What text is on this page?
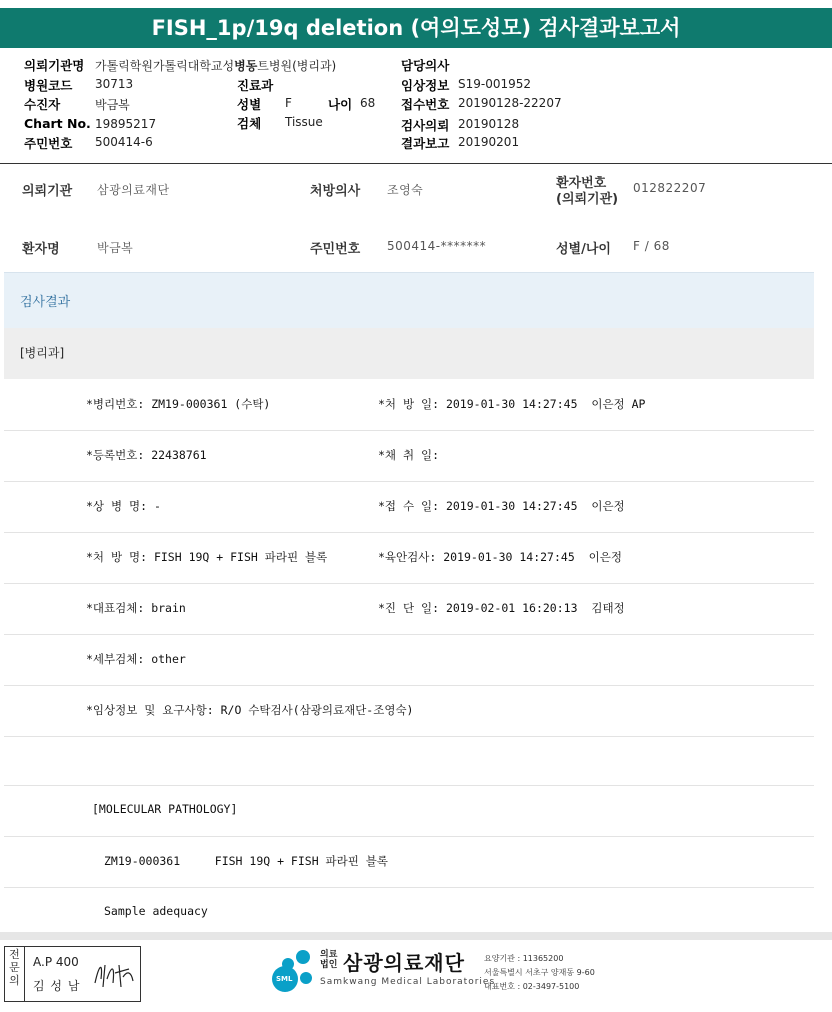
FISH_1p/19q deletion (여의도성모) 검사결과보고서
의뢰기관명 가톨릭학원가톨릭대학교성병동트병원(병리과)	담당의사
병원코드 30713	진료과	임상정보 S19-001952
수진자	박금복	성별 F	나이 68 접수번호 20190128-22207
Chart No. 19895217	검체 Tissue	검사의뢰 20190128
주민번호 500414-6	결과보고 20190201
의뢰기관 삼광의료재단	처방의사 조영숙	환자번호
(의뢰기관)
012822207
환자명	박금복	주민번호 500414-*******	성별/나이 F / 68
검사결과
[병리과]
*병리번호: ZM19-000361 (수탁)	*처 방 일: 2019-01-30 14:27:45  이은정 AP
*등록번호: 22438761	*채 취 일:
*상 병 명: -	*접 수 일: 2019-01-30 14:27:45  이은정
*처 방 명: FISH 19Q + FISH 파라핀 블록	*육안검사: 2019-01-30 14:27:45  이은정
*대표검체: brain	*진 단 일: 2019-02-01 16:20:13  김태정
*세부검체: other
*임상정보 및 요구사항: R/O 수탁검사(삼광의료재단-조영숙)
[MOLECULAR PATHOLOGY]
ZM19-000361     FISH 19Q + FISH 파라핀 블록
Sample adequacy
전문의
A.P 400
김 성 남	SML
의료
법인 삼광의료재단
Samkwang Medical Laboratories
요양기관 : 11365200
서울특별시 서초구 양재동 9-60
대표번호 : 02-3497-5100
